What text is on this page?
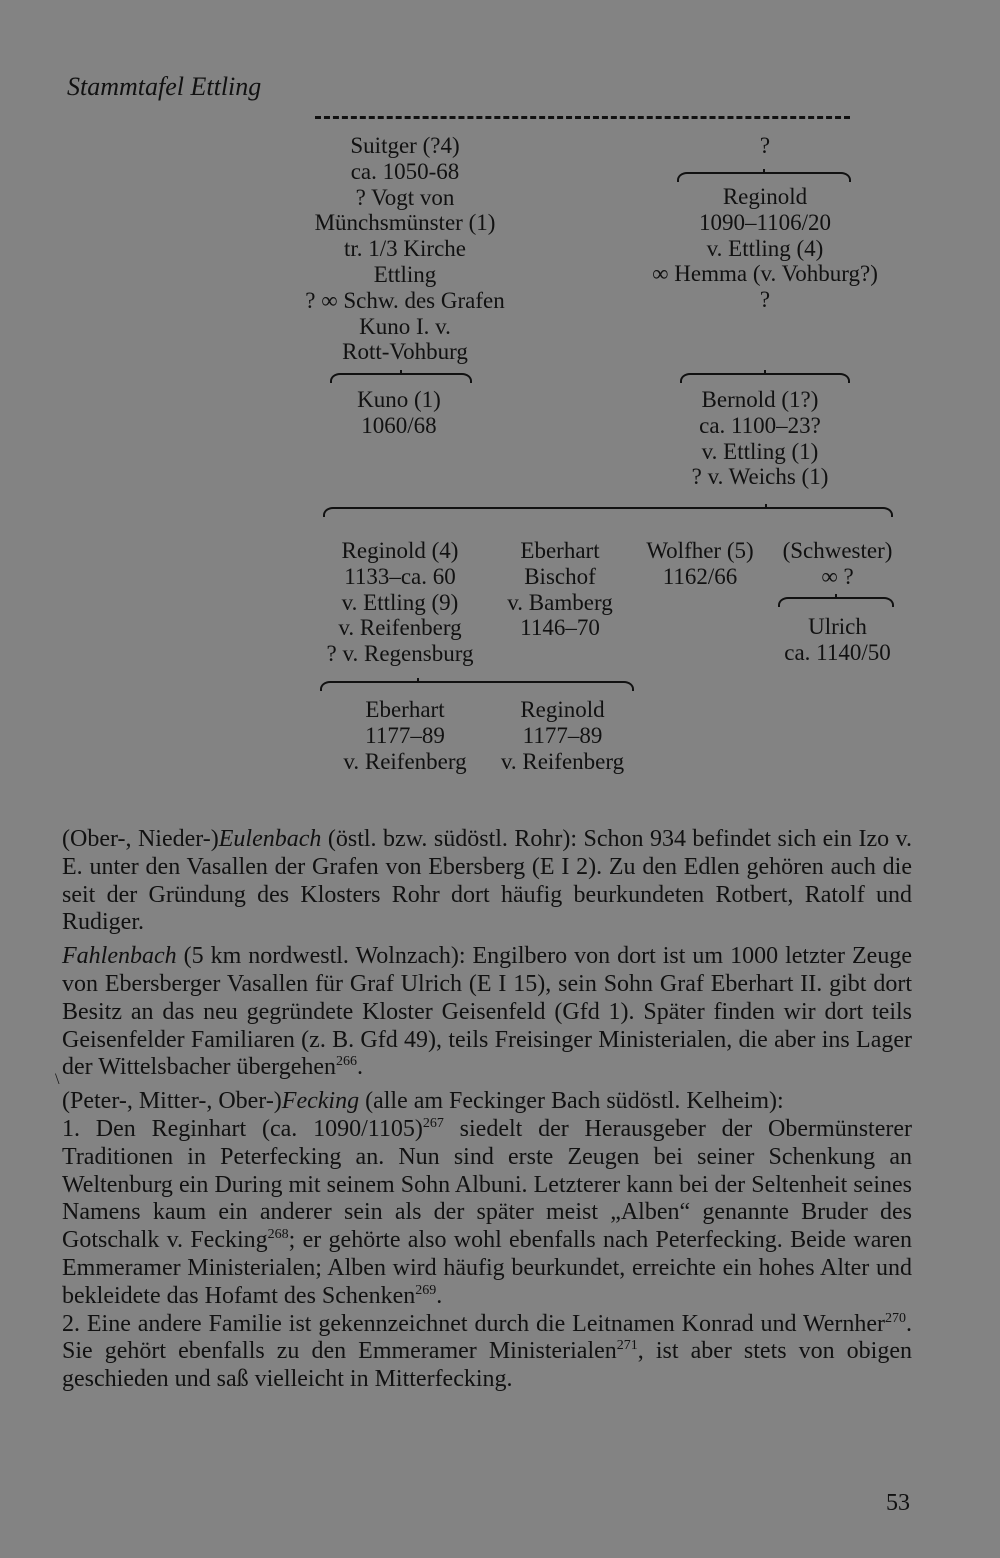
Stammtafel Ettling
Suitger (?4)
ca. 1050-68
? Vogt von
Münchsmünster (1)
tr. 1/3 Kirche
Ettling
? ∞ Schw. des Grafen
Kuno I. v.
Rott-Vohburg
?
Reginold
1090–1106/20
v. Ettling (4)
∞ Hemma (v. Vohburg?)
?
Kuno (1)
1060/68
Bernold (1?)
ca. 1100–23?
v. Ettling (1)
? v. Weichs (1)
Reginold (4)
1133–ca. 60
v. Ettling (9)
v. Reifenberg
? v. Regensburg
Eberhart
Bischof
v. Bamberg
1146–70
Wolfher (5)
1162/66
(Schwester)
∞ ?
Ulrich
ca. 1140/50
Eberhart
1177–89
v. Reifenberg
Reginold
1177–89
v. Reifenberg

(Ober-, Nieder-)Eulenbach (östl. bzw. südöstl. Rohr): Schon 934 befindet sich ein Izo v. E. unter den Vasallen der Grafen von Ebersberg (E I 2). Zu den Edlen gehören auch die seit der Gründung des Klosters Rohr dort häufig beurkundeten Rotbert, Ratolf und Rudiger.

Fahlenbach (5 km nordwestl. Wolnzach): Engilbero von dort ist um 1000 letzter Zeuge von Ebersberger Vasallen für Graf Ulrich (E I 15), sein Sohn Graf Eberhart II. gibt dort Besitz an das neu gegründete Kloster Geisenfeld (Gfd 1). Später finden wir dort teils Geisenfelder Familiaren (z. B. Gfd 49), teils Freisinger Ministerialen, die aber ins Lager der Wittelsbacher übergehen$^{266}$.

(Peter-, Mitter-, Ober-)Fecking (alle am Feckinger Bach südöstl. Kelheim):

1. Den Reginhart (ca. 1090/1105)$^{267}$ siedelt der Herausgeber der Obermünsterer Traditionen in Peterfecking an. Nun sind erste Zeugen bei seiner Schenkung an Weltenburg ein During mit seinem Sohn Albuni. Letzterer kann bei der Seltenheit seines Namens kaum ein anderer sein als der später meist „Alben“ genannte Bruder des Gotschalk v. Fecking$^{268}$; er gehörte also wohl ebenfalls nach Peterfecking. Beide waren Emmeramer Ministerialen; Alben wird häufig beurkundet, erreichte ein hohes Alter und bekleidete das Hofamt des Schenken$^{269}$.

2. Eine andere Familie ist gekennzeichnet durch die Leitnamen Konrad und Wernher$^{270}$. Sie gehört ebenfalls zu den Emmeramer Ministerialen$^{271}$, ist aber stets von obigen geschieden und saß vielleicht in Mitterfecking.

\
53
